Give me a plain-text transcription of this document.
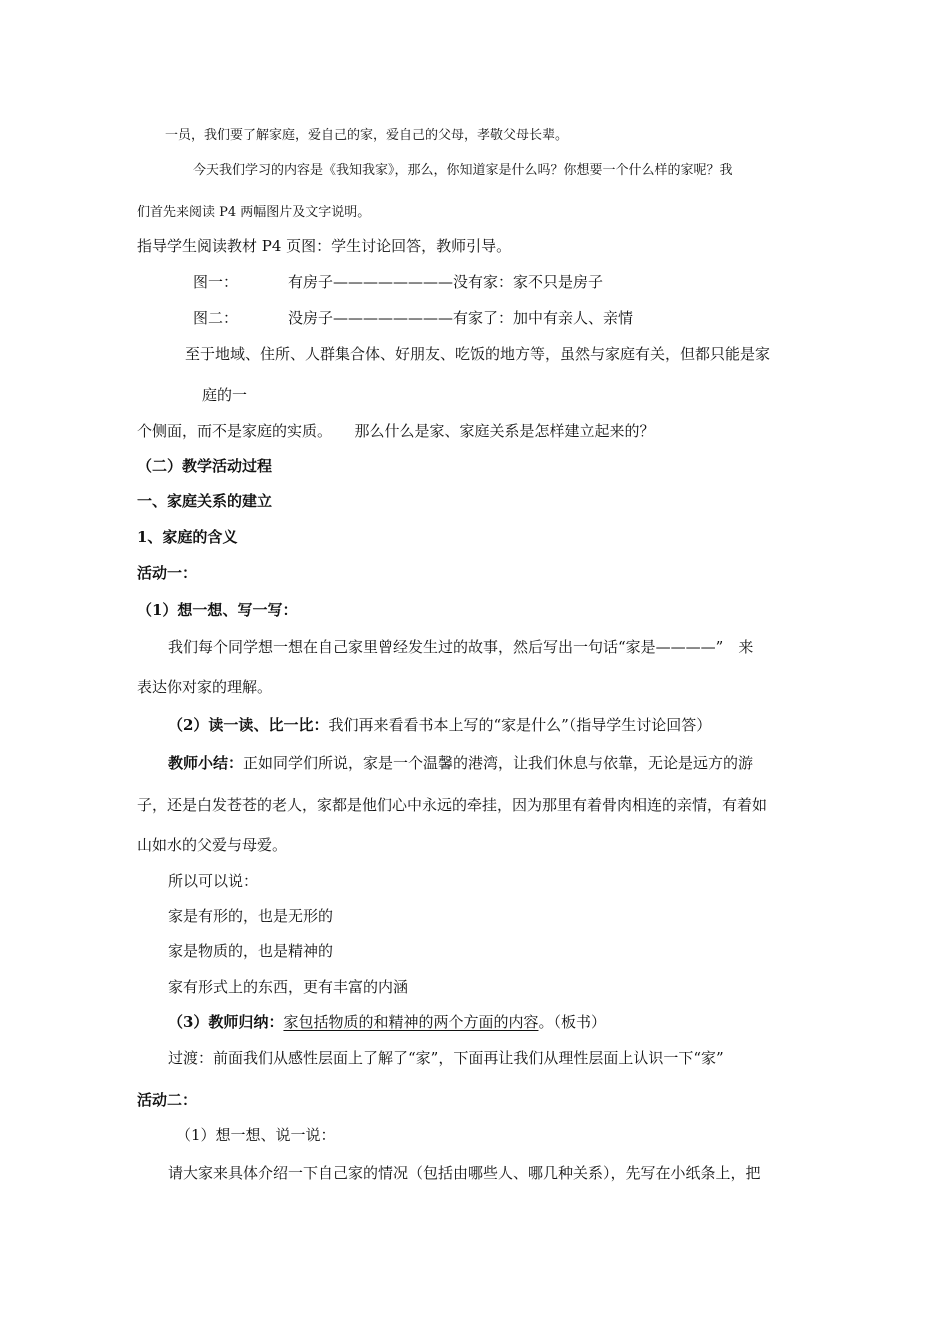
一员，我们要了解家庭，爱自己的家，爱自己的父母，孝敬父母长辈。
今天我们学习的内容是《我知我家》，那么，你知道家是什么吗？你想要一个什么样的家呢？我
们首先来阅读 P4 两幅图片及文字说明。
指导学生阅读教材 P4 页图：学生讨论回答，教师引导。
图一：	有房子————————没有家：家不只是房子
图二：	没房子————————有家了：加中有亲人、亲情
至于地域、住所、人群集合体、好朋友、吃饭的地方等，虽然与家庭有关，但都只能是家
庭的一
个侧面，而不是家庭的实质。　　那么什么是家、家庭关系是怎样建立起来的？
（二）教学活动过程
一、家庭关系的建立
1、家庭的含义
活动一：
（1）想一想、写一写：
我们每个同学想一想在自己家里曾经发生过的故事，然后写出一句话“家是————”　来
表达你对家的理解。
（2）读一读、比一比：我们再来看看书本上写的“家是什么”（指导学生讨论回答）
教师小结：正如同学们所说，家是一个温馨的港湾，让我们休息与依靠，无论是远方的游
子，还是白发苍苍的老人，家都是他们心中永远的牵挂，因为那里有着骨肉相连的亲情，有着如
山如水的父爱与母爱。
所以可以说：
家是有形的，也是无形的
家是物质的，也是精神的
家有形式上的东西，更有丰富的内涵
（3）教师归纳：家包括物质的和精神的两个方面的内容。（板书）
过渡：前面我们从感性层面上了解了“家”，下面再让我们从理性层面上认识一下“家”
活动二：
（1）想一想、说一说：
请大家来具体介绍一下自己家的情况（包括由哪些人、哪几种关系），先写在小纸条上，把
